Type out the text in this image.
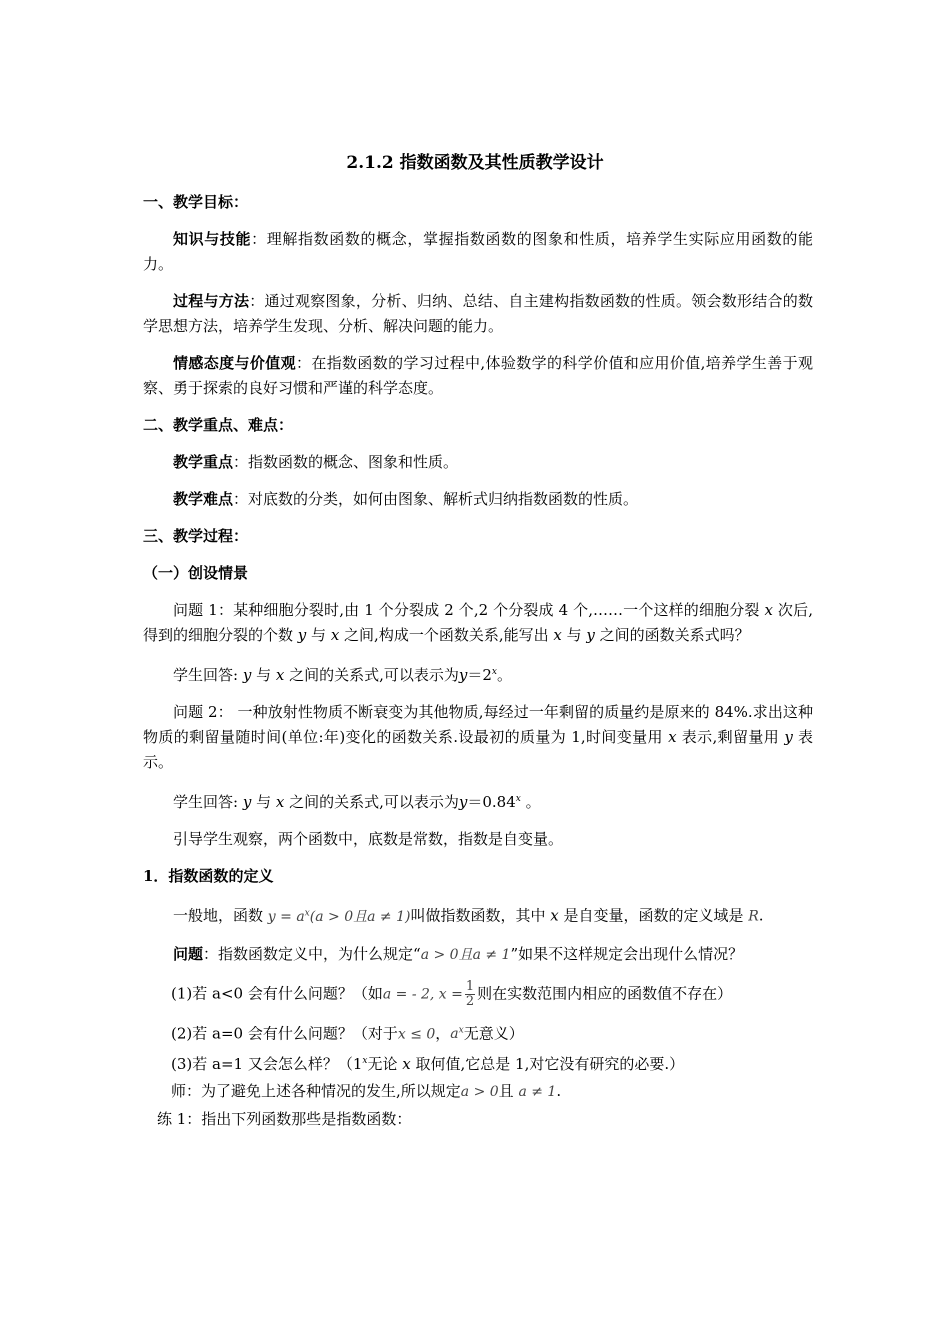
2.1.2 指数函数及其性质教学设计

一、教学目标：

知识与技能：理解指数函数的概念，掌握指数函数的图象和性质，培养学生实际应用函数的能力。

过程与方法：通过观察图象，分析、归纳、总结、自主建构指数函数的性质。领会数形结合的数学思想方法，培养学生发现、分析、解决问题的能力。

情感态度与价值观：在指数函数的学习过程中,体验数学的科学价值和应用价值,培养学生善于观察、勇于探索的良好习惯和严谨的科学态度。

二、教学重点、难点：

教学重点：指数函数的概念、图象和性质。

教学难点：对底数的分类，如何由图象、解析式归纳指数函数的性质。

三、教学过程：

（一）创设情景

问题 1：某种细胞分裂时,由 1 个分裂成 2 个,2 个分裂成 4 个,……一个这样的细胞分裂 x 次后,得到的细胞分裂的个数 y 与 x 之间,构成一个函数关系,能写出 x 与 y 之间的函数关系式吗？

学生回答: y 与 x 之间的关系式,可以表示为$y=2^x$。

问题 2： 一种放射性物质不断衰变为其他物质,每经过一年剩留的质量约是原来的 84%.求出这种物质的剩留量随时间(单位:年)变化的函数关系.设最初的质量为 1,时间变量用 x 表示,剩留量用 y 表示。

学生回答: y 与 x 之间的关系式,可以表示为$y=0.84^x$ 。

引导学生观察，两个函数中，底数是常数，指数是自变量。

1．指数函数的定义

一般地，函数 $y = a^x(a > 0$且a ≠ 1)叫做指数函数，其中 x 是自变量，函数的定义域是 R.

问题：指数函数定义中，为什么规定“a > 0且a ≠ 1”如果不这样规定会出现什么情况？

(1)若 a<0 会有什么问题？（如a = - 2, $x = \frac{1}{2}$ 则在实数范围内相应的函数值不存在）

(2)若 a=0 会有什么问题？（对于x ≤ 0，$a^x$无意义）

(3)若 a=1 又会怎么样？（1$^x$无论 x 取何值,它总是 1,对它没有研究的必要.）

师：为了避免上述各种情况的发生,所以规定a > 0且 a ≠ 1.

练 1：指出下列函数那些是指数函数：
